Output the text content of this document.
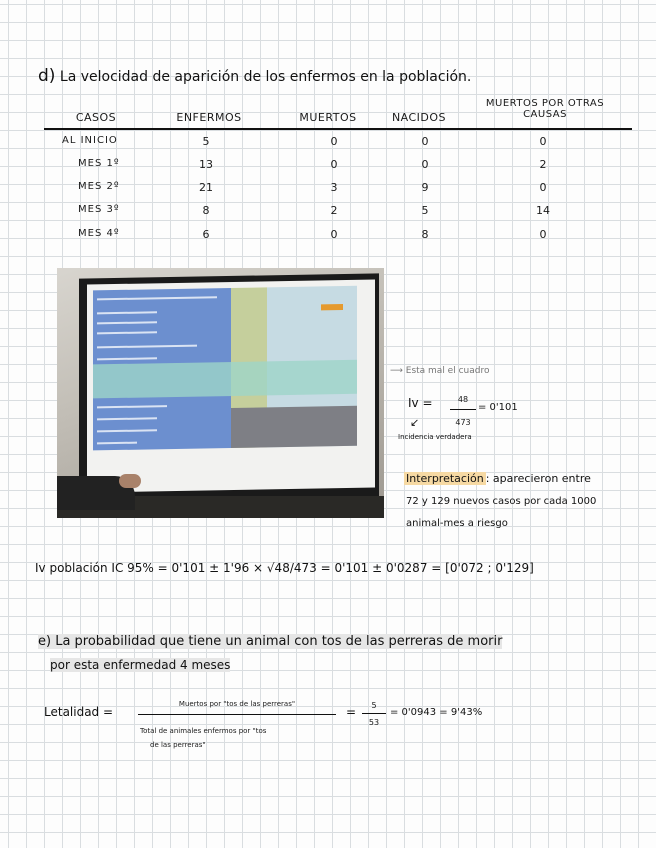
d) La velocidad de aparición de los enfermos en la población.
CASOS	ENFERMOS	MUERTOS	NACIDOS
MUERTOS POR OTRAS
CAUSAS
AL INICIO	5	0	0	0
MES 1º	13	0	0	2
MES 2º	21	3	9	0
MES 3º	8	2	5	14
MES 4º	6	0	8	0
⟶ Esta mal el cuadro
Iv =	48
473
= 0'101
↙
Incidencia verdadera
Interpretación : aparecieron entre
72 y 129 nuevos casos por cada 1000
animal-mes a riesgo
Iv población IC 95% = 0'101 ± 1'96 × √48/473 = 0'101 ± 0'0287 = [0'072 ; 0'129]
e) La probabilidad que tiene un animal con tos de las perreras de morir
por esta enfermedad 4 meses
Letalidad =
Muertos por "tos de las perreras"
Total de animales enfermos por "tos
de las perreras"
=	5
53
= 0'0943 = 9'43%
